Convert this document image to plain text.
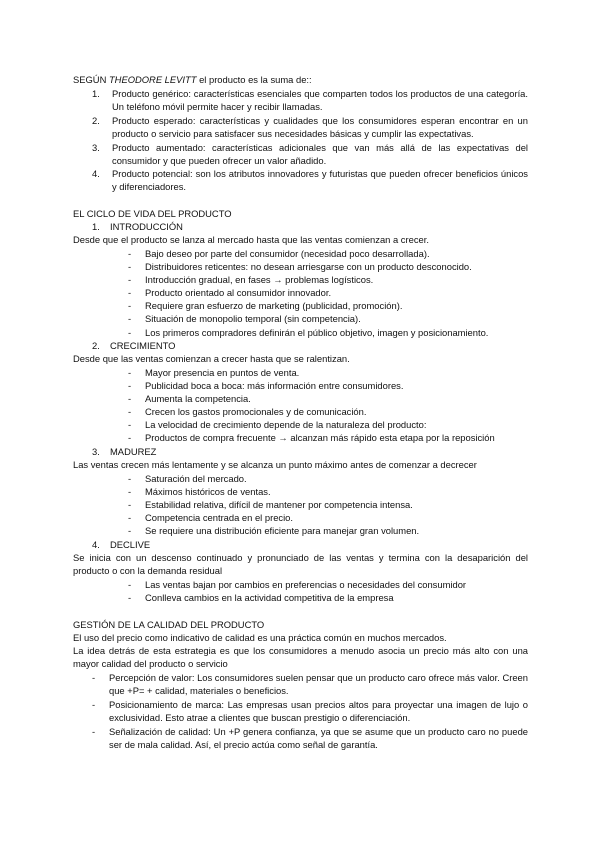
SEGÚN THEODORE LEVITT el producto es la suma de::
1.	Producto genérico: características esenciales que comparten todos los productos de una categoría. Un teléfono móvil permite hacer y recibir llamadas.
2.	Producto esperado: características y cualidades que los consumidores esperan encontrar en un producto o servicio para satisfacer sus necesidades básicas y cumplir las expectativas.
3.	Producto aumentado: características adicionales que van más allá de las expectativas del consumidor y que pueden ofrecer un valor añadido.
4.	Producto potencial: son los atributos innovadores y futuristas que pueden ofrecer beneficios únicos y diferenciadores.
EL CICLO DE VIDA DEL PRODUCTO
1. INTRODUCCIÓN
Desde que el producto se lanza al mercado hasta que las ventas comienzan a crecer.
- Bajo deseo por parte del consumidor (necesidad poco desarrollada).
- Distribuidores reticentes: no desean arriesgarse con un producto desconocido.
- Introducción gradual, en fases → problemas logísticos.
- Producto orientado al consumidor innovador.
- Requiere gran esfuerzo de marketing (publicidad, promoción).
- Situación de monopolio temporal (sin competencia).
- Los primeros compradores definirán el público objetivo, imagen y posicionamiento.
2. CRECIMIENTO
Desde que las ventas comienzan a crecer hasta que se ralentizan.
- Mayor presencia en puntos de venta.
- Publicidad boca a boca: más información entre consumidores.
- Aumenta la competencia.
- Crecen los gastos promocionales y de comunicación.
- La velocidad de crecimiento depende de la naturaleza del producto:
- Productos de compra frecuente → alcanzan más rápido esta etapa por la reposición
3. MADUREZ
Las ventas crecen más lentamente y se alcanza un punto máximo antes de comenzar a decrecer
- Saturación del mercado.
- Máximos históricos de ventas.
- Estabilidad relativa, difícil de mantener por competencia intensa.
- Competencia centrada en el precio.
- Se requiere una distribución eficiente para manejar gran volumen.
4. DECLIVE
Se inicia con un descenso continuado y pronunciado de las ventas y termina con la desaparición del producto o con la demanda residual
- Las ventas bajan por cambios en preferencias o necesidades del consumidor
- Conlleva cambios en la actividad competitiva de la empresa
GESTIÓN DE LA CALIDAD DEL PRODUCTO
El uso del precio como indicativo de calidad es una práctica común en muchos mercados.
La idea detrás de esta estrategia es que los consumidores a menudo asocia un precio más alto con una mayor calidad del producto o servicio
- Percepción de valor: Los consumidores suelen pensar que un producto caro ofrece más valor. Creen que +P= + calidad, materiales o beneficios.
- Posicionamiento de marca: Las empresas usan precios altos para proyectar una imagen de lujo o exclusividad. Esto atrae a clientes que buscan prestigio o diferenciación.
- Señalización de calidad: Un +P genera confianza, ya que se asume que un producto caro no puede ser de mala calidad. Así, el precio actúa como señal de garantía.
